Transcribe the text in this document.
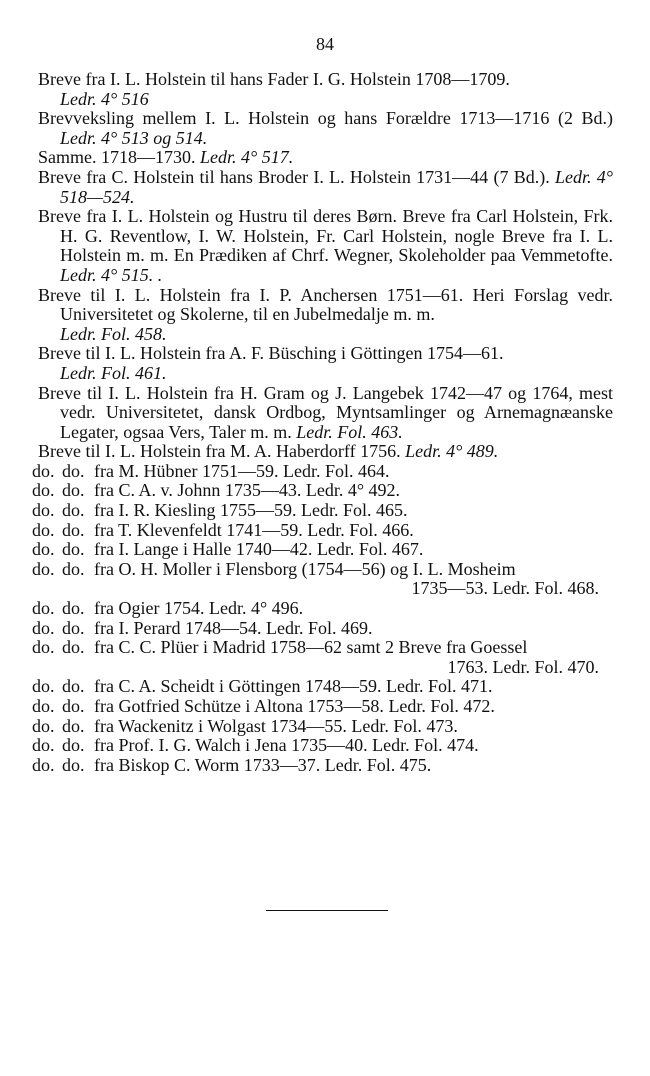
84

Breve fra I. L. Holstein til hans Fader I. G. Holstein 1708—1709.
Ledr. 4° 516

Brevveksling mellem I. L. Holstein og hans Forældre 1713—1716 (2 Bd.) Ledr. 4° 513 og 514.

Samme. 1718—1730. Ledr. 4° 517.

Breve fra C. Holstein til hans Broder I. L. Holstein 1731—44 (7 Bd.). Ledr. 4° 518—524.

Breve fra I. L. Holstein og Hustru til deres Børn. Breve fra Carl Holstein, Frk. H. G. Reventlow, I. W. Holstein, Fr. Carl Holstein, nogle Breve fra I. L. Holstein m. m. En Prædiken af Chrf. Wegner, Skoleholder paa Vemmetofte. Ledr. 4° 515. .

Breve til I. L. Holstein fra I. P. Anchersen 1751—61. Heri Forslag vedr. Universitetet og Skolerne, til en Jubelmedalje m. m.
Ledr. Fol. 458.

Breve til I. L. Holstein fra A. F. Büsching i Göttingen 1754—61.
Ledr. Fol. 461.

Breve til I. L. Holstein fra H. Gram og J. Langebek 1742—47 og 1764, mest vedr. Universitetet, dansk Ordbog, Myntsamlinger og Arnemagnæanske Legater, ogsaa Vers, Taler m. m. Ledr. Fol. 463.

Breve til I. L. Holstein fra M. A. Haberdorff 1756. Ledr. 4° 489.

do. do. fra M. Hübner 1751—59. Ledr. Fol. 464.

do. do. fra C. A. v. Johnn 1735—43. Ledr. 4° 492.

do. do. fra I. R. Kiesling 1755—59. Ledr. Fol. 465.

do. do. fra T. Klevenfeldt 1741—59. Ledr. Fol. 466.

do. do. fra I. Lange i Halle 1740—42. Ledr. Fol. 467.

do. do. fra O. H. Moller i Flensborg (1754—56) og I. L. Mosheim
1735—53. Ledr. Fol. 468.

do. do. fra Ogier 1754. Ledr. 4° 496.

do. do. fra I. Perard 1748—54. Ledr. Fol. 469.

do. do. fra C. C. Plüer i Madrid 1758—62 samt 2 Breve fra Goessel
1763. Ledr. Fol. 470.

do. do. fra C. A. Scheidt i Göttingen 1748—59. Ledr. Fol. 471.

do. do. fra Gotfried Schütze i Altona 1753—58. Ledr. Fol. 472.

do. do. fra Wackenitz i Wolgast 1734—55. Ledr. Fol. 473.

do. do. fra Prof. I. G. Walch i Jena 1735—40. Ledr. Fol. 474.

do. do. fra Biskop C. Worm 1733—37. Ledr. Fol. 475.
